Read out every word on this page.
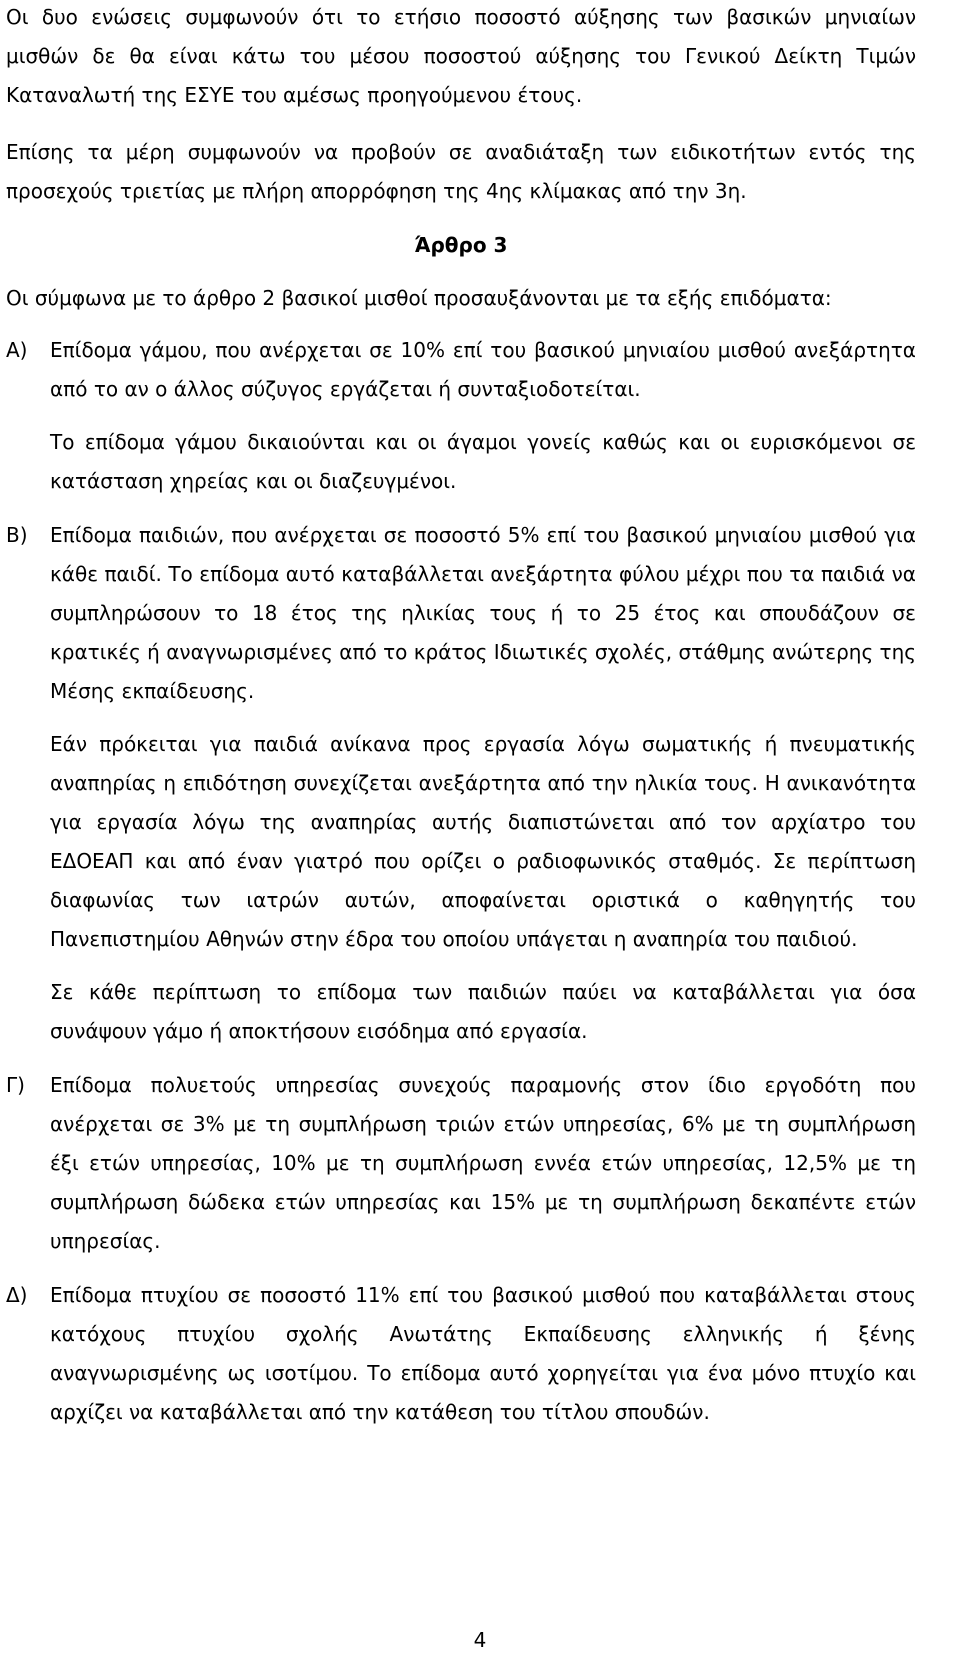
Οι δυο ενώσεις συμφωνούν ότι το ετήσιο ποσοστό αύξησης των βασικών μηνιαίων μισθών δε θα είναι κάτω του μέσου ποσοστού αύξησης του Γενικού Δείκτη Τιμών Καταναλωτή της ΕΣΥΕ του αμέσως προηγούμενου έτους.

Επίσης τα μέρη συμφωνούν να προβούν σε αναδιάταξη των ειδικοτήτων εντός της προσεχούς τριετίας με πλήρη απορρόφηση της 4ης κλίμακας από την 3η.

Άρθρο 3

Οι σύμφωνα με το άρθρο 2 βασικοί μισθοί προσαυξάνονται με τα εξής επιδόματα:

Α)	Επίδομα γάμου, που ανέρχεται σε 10% επί του βασικού μηνιαίου μισθού ανεξάρτητα από το αν ο άλλος σύζυγος εργάζεται ή συνταξιοδοτείται.

Το επίδομα γάμου δικαιούνται και οι άγαμοι γονείς καθώς και οι ευρισκόμενοι σε κατάσταση χηρείας και οι διαζευγμένοι.

Β)	Επίδομα παιδιών, που ανέρχεται σε ποσοστό 5% επί του βασικού μηνιαίου μισθού για κάθε παιδί. Το επίδομα αυτό καταβάλλεται ανεξάρτητα φύλου μέχρι που τα παιδιά να συμπληρώσουν το 18 έτος της ηλικίας τους ή το 25 έτος και σπουδάζουν σε κρατικές ή αναγνωρισμένες από το κράτος Ιδιωτικές σχολές, στάθμης ανώτερης της Μέσης εκπαίδευσης.

Εάν πρόκειται για παιδιά ανίκανα προς εργασία λόγω σωματικής ή πνευματικής αναπηρίας η επιδότηση συνεχίζεται ανεξάρτητα από την ηλικία τους. Η ανικανότητα για εργασία λόγω της αναπηρίας αυτής διαπιστώνεται από τον αρχίατρο του ΕΔΟΕΑΠ και από έναν γιατρό που ορίζει ο ραδιοφωνικός σταθμός. Σε περίπτωση διαφωνίας των ιατρών αυτών, αποφαίνεται οριστικά ο καθηγητής του Πανεπιστημίου Αθηνών στην έδρα του οποίου υπάγεται η αναπηρία του παιδιού.

Σε κάθε περίπτωση το επίδομα των παιδιών παύει να καταβάλλεται για όσα συνάψουν γάμο ή αποκτήσουν εισόδημα από εργασία.

Γ)	Επίδομα πολυετούς υπηρεσίας συνεχούς παραμονής στον ίδιο εργοδότη που ανέρχεται σε 3% με τη συμπλήρωση τριών ετών υπηρεσίας, 6% με τη συμπλήρωση έξι ετών υπηρεσίας, 10% με τη συμπλήρωση εννέα ετών υπηρεσίας, 12,5% με τη συμπλήρωση δώδεκα ετών υπηρεσίας και 15% με τη συμπλήρωση δεκαπέντε ετών υπηρεσίας.
Δ)	Επίδομα πτυχίου σε ποσοστό 11% επί του βασικού μισθού που καταβάλλεται στους κατόχους πτυχίου σχολής Ανωτάτης Εκπαίδευσης ελληνικής ή ξένης αναγνωρισμένης ως ισοτίμου. Το επίδομα αυτό χορηγείται για ένα μόνο πτυχίο και αρχίζει να καταβάλλεται από την κατάθεση του τίτλου σπουδών.
4
